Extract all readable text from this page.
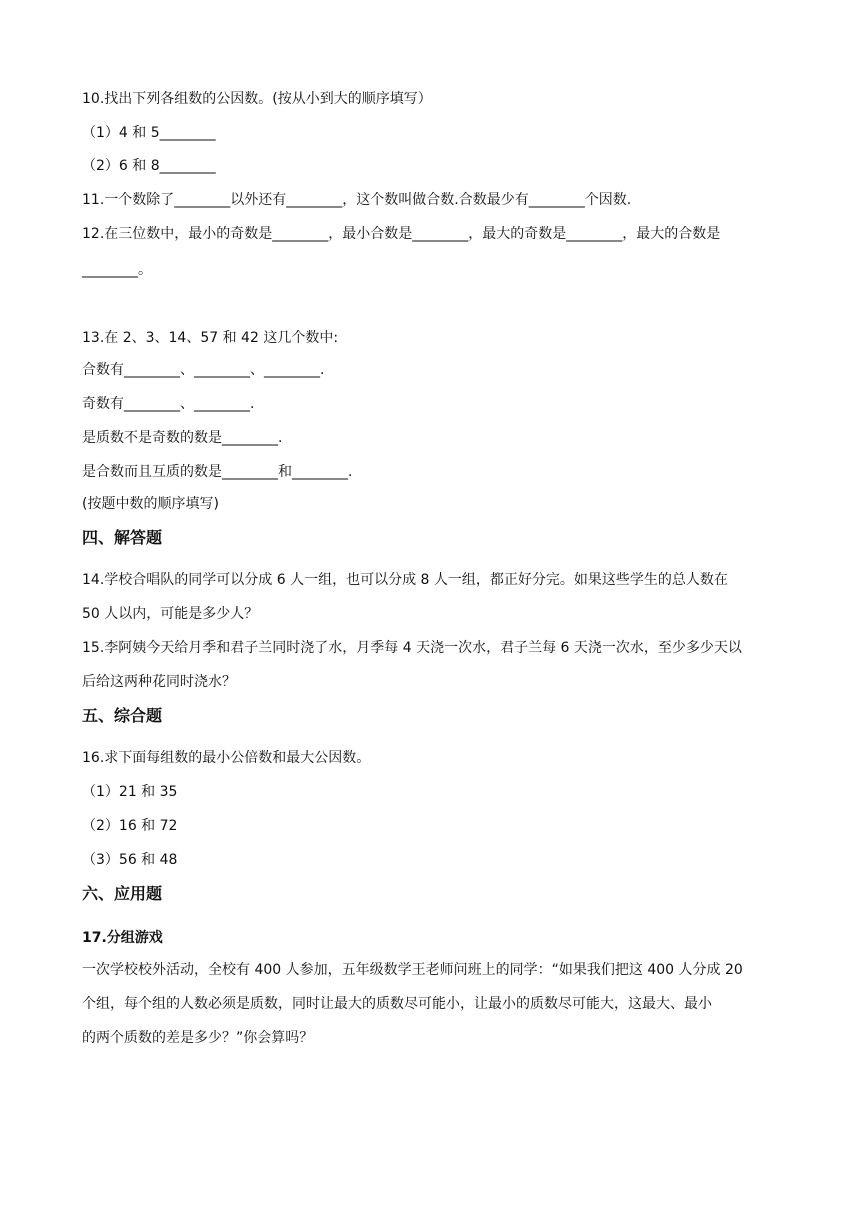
10.找出下列各组数的公因数。(按从小到大的顺序填写）
（1）4 和 5________
（2）6 和 8________
11.一个数除了________以外还有________，这个数叫做合数.合数最少有________个因数.
12.在三位数中，最小的奇数是________，最小合数是________，最大的奇数是________，最大的合数是
________。
13.在 2、3、14、57 和 42 这几个数中:
合数有________、________、________.
奇数有________、________.
是质数不是奇数的数是________.
是合数而且互质的数是________和________.
(按题中数的顺序填写)
四、解答题
14.学校合唱队的同学可以分成 6 人一组，也可以分成 8 人一组，都正好分完。如果这些学生的总人数在
50 人以内，可能是多少人？
15.李阿姨今天给月季和君子兰同时浇了水，月季每 4 天浇一次水，君子兰每 6 天浇一次水，至少多少天以
后给这两种花同时浇水？
五、综合题
16.求下面每组数的最小公倍数和最大公因数。
（1）21 和 35
（2）16 和 72
（3）56 和 48
六、应用题
17.分组游戏
一次学校校外活动，全校有 400 人参加，五年级数学王老师问班上的同学：“如果我们把这 400 人分成 20
个组，每个组的人数必须是质数，同时让最大的质数尽可能小，让最小的质数尽可能大，这最大、最小
的两个质数的差是多少？”你会算吗？
